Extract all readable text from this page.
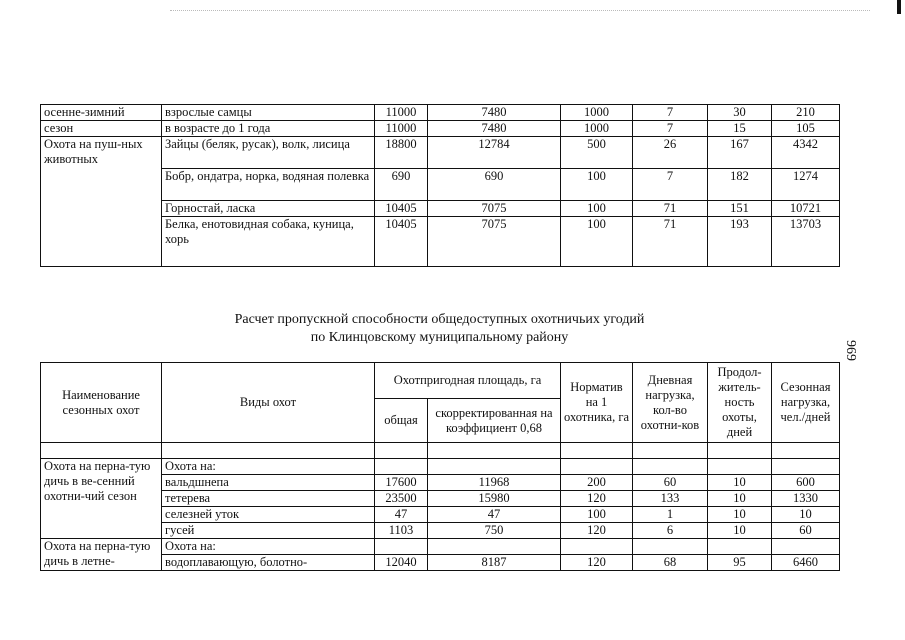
969
осенне-зимний	взрослые самцы	11000	7480	1000	7	30	210
сезон	в возрасте до 1 года	11000	7480	1000	7	15	105
Охота на пуш-ных животных	Зайцы (беляк, русак), волк, лисица	18800	12784	500	26	167	4342
	Бобр, ондатра, норка, водяная полевка	690	690	100	7	182	1274
	Горностай, ласка	10405	7075	100	71	151	10721
	Белка, енотовидная собака, куница, хорь	10405	7075	100	71	193	13703
Расчет пропускной способности общедоступных охотничьих угодий
по Клинцовскому муниципальному району
Наименование сезонных охот	Виды охот	Охотпригодная площадь, га		Норматив на 1 охотника, га	Дневная нагрузка, кол-во охотни-ков	Продол-житель-ность охоты, дней	Сезонная нагрузка, чел./дней
		общая	скорректированная на коэффициент 0,68				

Охота на перна-тую дичь в ве-сенний охотни-чий сезон	Охота на:						
	вальдшнепа	17600	11968	200	60	10	600
	тетерева	23500	15980	120	133	10	1330
	селезней уток	47	47	100	1	10	10
	гусей	1103	750	120	6	10	60
Охота на перна-тую дичь в летне-	Охота на:						
	водоплавающую, болотно-	12040	8187	120	68	95	6460
